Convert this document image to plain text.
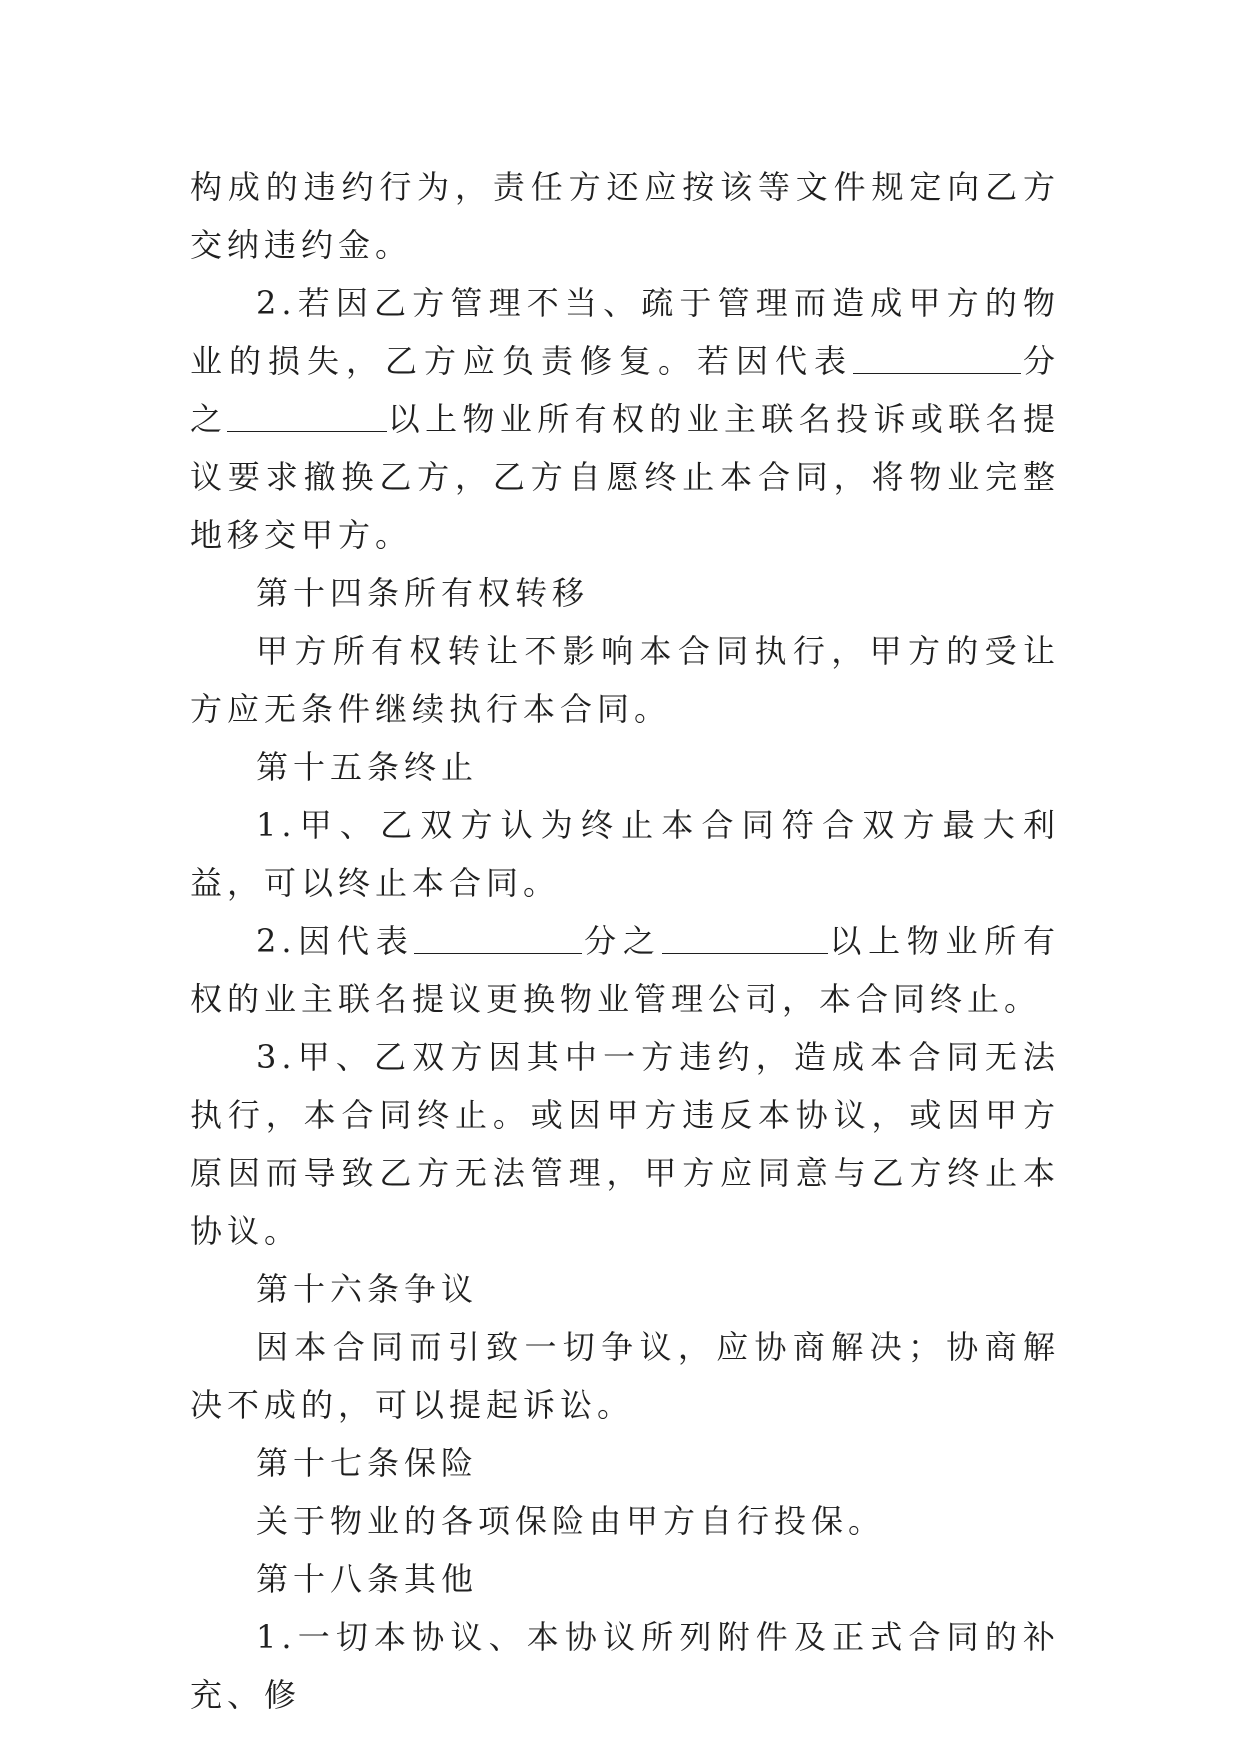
构成的违约行为，责任方还应按该等文件规定向乙方交纳违约金。

2.若因乙方管理不当、疏于管理而造成甲方的物业的损失，乙方应负责修复。若因代表	分之	以上物业所有权的业主联名投诉或联名提议要求撤换乙方，乙方自愿终止本合同，将物业完整地移交甲方。

第十四条所有权转移

甲方所有权转让不影响本合同执行，甲方的受让方应无条件继续执行本合同。

第十五条终止

1.甲、乙双方认为终止本合同符合双方最大利益，可以终止本合同。

2.因代表	分之	以上物业所有权的业主联名提议更换物业管理公司，本合同终止。

3.甲、乙双方因其中一方违约，造成本合同无法执行，本合同终止。或因甲方违反本协议，或因甲方原因而导致乙方无法管理，甲方应同意与乙方终止本协议。

第十六条争议

因本合同而引致一切争议，应协商解决；协商解决不成的，可以提起诉讼。

第十七条保险

关于物业的各项保险由甲方自行投保。

第十八条其他

1.一切本协议、本协议所列附件及正式合同的补充、修
